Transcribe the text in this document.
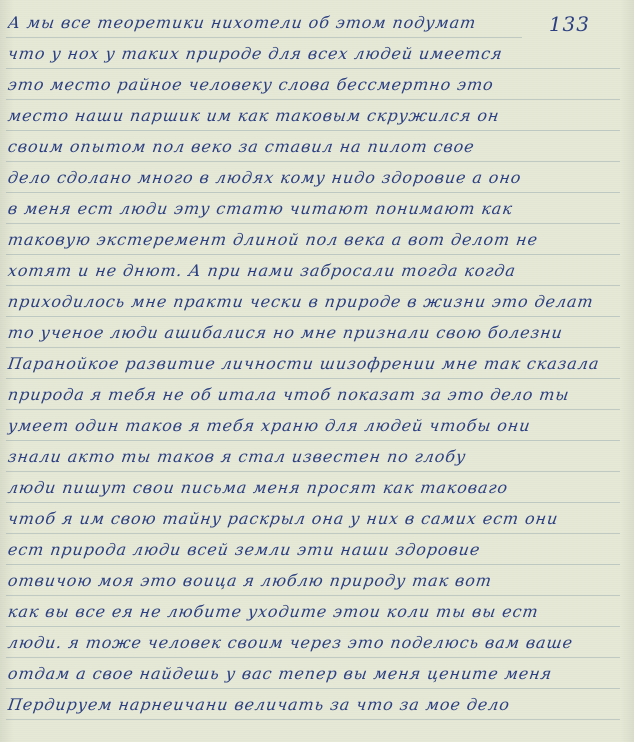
133
А мы все теоретики нихотели об этом подумат
что у нох у таких природе для всех людей имеется
это место райное человеку слова бессмертно это
место наши паршик им как таковым скружился он
своим опытом пол веко за ставил на пилот свое
дело сдолано много в людях кому нидо здоровие а оно
в меня ест люди эту статю читают понимают как
таковую экстеремент длиной пол века а вот делот не
хотят и не днют. А при нами забросали тогда когда
приходилось мне практи чески в природе в жизни это делат
то ученое люди ашибалися но мне признали свою болезни
Паранойкое развитие личности шизофрении мне так сказала
природа я тебя не об итала чтоб показат за это дело ты
умеет один таков я тебя храню для людей чтобы они
знали акто ты таков я стал известен по глобу
люди пишут свои письма меня просят как таковаго
чтоб я им свою тайну раскрыл она у них в самих ест они
ест природа люди всей земли эти наши здоровие
отвичою моя это воица я люблю природу так вот
как вы все ея не любите уходите этои коли ты вы ест
люди. я тоже человек своим через это поделюсь вам ваше
отдам а свое найдешь у вас тепер вы меня цените меня
Пердируем нарнеичани величать за что за мое дело
